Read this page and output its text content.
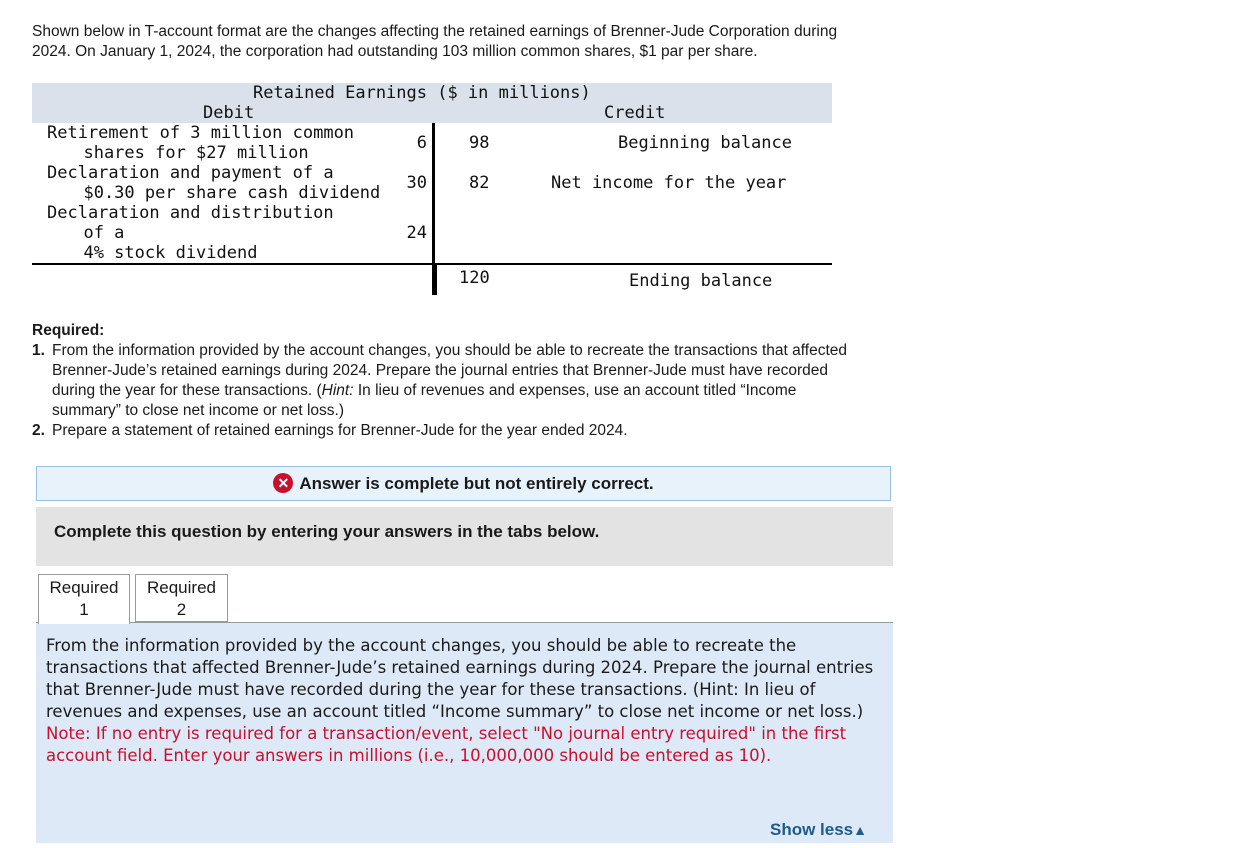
Shown below in T-account format are the changes affecting the retained earnings of Brenner-Jude Corporation during
2024. On January 1, 2024, the corporation had outstanding 103 million common shares, $1 par per share.
Retained Earnings ($ in millions)
Debit	Credit
Retirement of 3 million common
shares for $27 million
Declaration and payment of a
$0.30 per share cash dividend
Declaration and distribution
of a
4% stock dividend
6
30
24
98
82
120
Beginning balance
Net income for the year
Ending balance
Required:
1. From the information provided by the account changes, you should be able to recreate the transactions that affected
Brenner-Jude’s retained earnings during 2024. Prepare the journal entries that Brenner-Jude must have recorded
during the year for these transactions. (Hint: In lieu of revenues and expenses, use an account titled “Income
summary” to close net income or net loss.)
2. Prepare a statement of retained earnings for Brenner-Jude for the year ended 2024.
✕ Answer is complete but not entirely correct.
Complete this question by entering your answers in the tabs below.
Required
1
Required
2
From the information provided by the account changes, you should be able to recreate the transactions that affected Brenner-Jude’s retained earnings during 2024. Prepare the journal entries that Brenner-Jude must have recorded during the year for these transactions. (Hint: In lieu of revenues and expenses, use an account titled “Income summary” to close net income or net loss.)
Note: If no entry is required for a transaction/event, select "No journal entry required" in the first account field. Enter your answers in millions (i.e., 10,000,000 should be entered as 10).
Show less▲
